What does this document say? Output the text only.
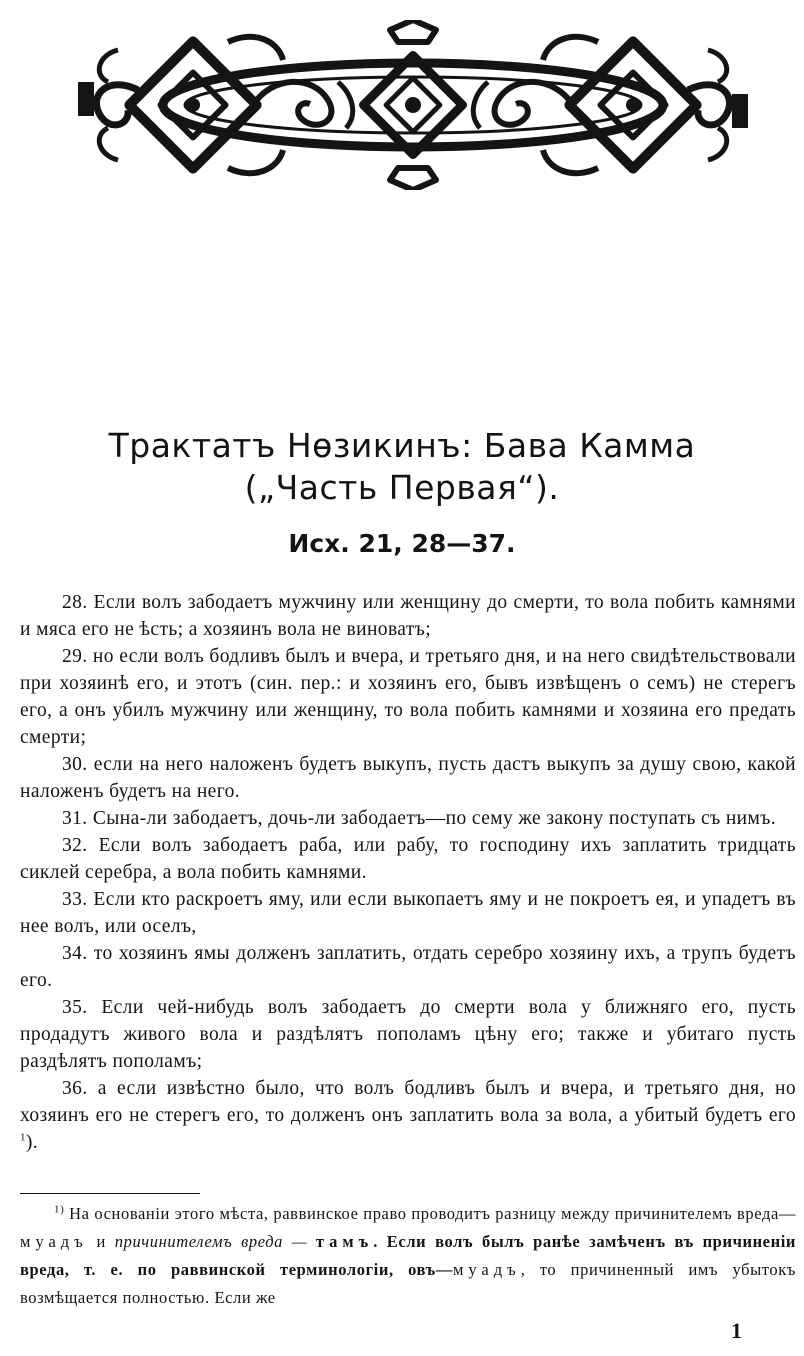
Трактатъ Нөзикинъ: Бава Камма
(„Часть Первая“).
Исх. 21, 28—37.

28. Если волъ забодаетъ мужчину или женщину до смерти, то вола побить камнями и мяса его не ѣсть; а хозяинъ вола не виноватъ;

29. но если волъ бодливъ былъ и вчера, и третьяго дня, и на него свидѣтельствовали при хозяинѣ его, и этотъ (син. пер.: и хозяинъ его, бывъ извѣщенъ о семъ) не стерегъ его, а онъ убилъ мужчину или женщину, то вола побить камнями и хозяина его предать смерти;

30. если на него наложенъ будетъ выкупъ, пусть дастъ выкупъ за душу свою, какой наложенъ будетъ на него.

31. Сына-ли забодаетъ, дочь-ли забодаетъ—по сему же закону поступать съ нимъ.

32. Если волъ забодаетъ раба, или рабу, то господину ихъ заплатить тридцать сиклей серебра, а вола побить камнями.

33. Если кто раскроетъ яму, или если выкопаетъ яму и не покроетъ ея, и упадетъ въ нее волъ, или оселъ,

34. то хозяинъ ямы долженъ заплатить, отдать серебро хозяину ихъ, а трупъ будетъ его.

35. Если чей-нибудь волъ забодаетъ до смерти вола у ближняго его, пусть продадутъ живого вола и раздѣлятъ пополамъ цѣну его; также и убитаго пусть раздѣлятъ пополамъ;

36. а если извѣстно было, что волъ бодливъ былъ и вчера, и третьяго дня, но хозяинъ его не стерегъ его, то долженъ онъ заплатить вола за вола, а убитый будетъ его $^1$).

$^{1)}$ На основаніи этого мѣста, раввинское право проводитъ разницу между причинителемъ вреда—муадъ и причинителемъ вреда — тамъ. Если волъ былъ ранѣе замѣченъ въ причиненіи вреда, т. е. по раввинской терминологіи, овъ—муадъ, то причиненный имъ убытокъ возмѣщается полностью. Если же

1
